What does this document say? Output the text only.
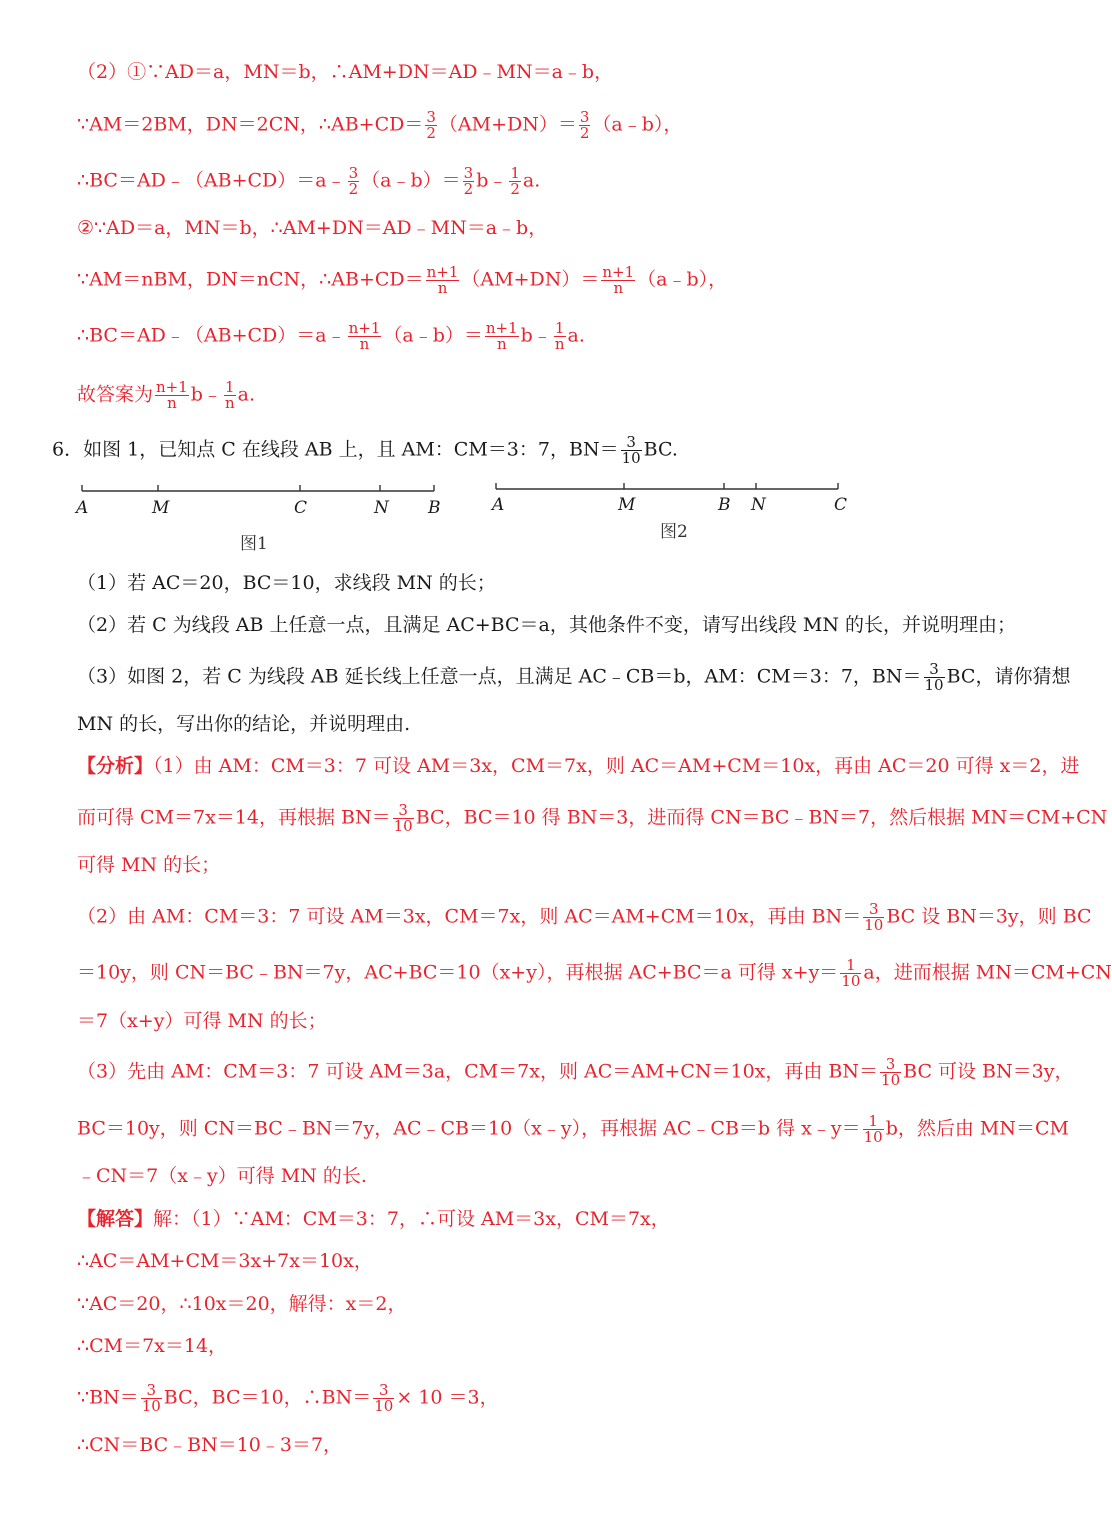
（2）①∵AD＝a，MN＝b，∴AM+DN＝AD﹣MN＝a﹣b，
∵AM＝2BM，DN＝2CN，∴AB+CD＝ $\frac{3}{2} (AM+DN)= \frac{3}{2}$ （a﹣b），
∴BC＝AD﹣（AB+CD）＝a﹣ $\frac{3}{2}$ （a﹣b）＝ $\frac{3}{2}$ b﹣ $\frac{1}{2} a$.
②∵AD＝a，MN＝b，∴AM+DN＝AD﹣MN＝a﹣b，
∵AM＝nBM，DN＝nCN，∴AB+CD＝ $\frac{n+1}{n} (AM+DN)= \frac{n+1}{n}$ （a﹣b），
∴BC＝AD﹣（AB+CD）＝a﹣ $\frac{n+1}{n}$ （a﹣b）＝ $\frac{n+1}{n}$ b﹣ $\frac{1}{n} a$.
故答案为 $\frac{n+1}{n}$ b﹣ $\frac{1}{n} a$.
6．如图 1，已知点 C 在线段 AB 上，且 AM：CM＝3：7，$BN= \frac{3}{10}$ BC.
A	M	C	N B
图1
A	M	B N	C
图2
（1）若 AC＝20，BC＝10，求线段 MN 的长；
（2）若 C 为线段 AB 上任意一点，且满足 AC+BC＝a，其他条件不变，请写出线段 MN 的长，并说明理由；
（3）如图 2，若 C 为线段 AB 延长线上任意一点，且满足 AC﹣CB＝b，AM：CM＝3：7，$BN= \frac{3}{10}$ BC，请你猜想
MN 的长，写出你的结论，并说明理由.
【分析】（1）由 AM：CM＝3：7 可设 AM＝3x，CM＝7x，则 AC＝AM+CM＝10x，再由 AC＝20 可得 x＝2，进
而可得 CM＝7x＝14，再根据 $BN= \frac{3}{10}$ BC，BC＝10 得 BN＝3，进而得 CN＝BC﹣BN＝7，然后根据 MN＝CM+CN
可得 MN 的长；
（2）由 AM：CM＝3：7 可设 AM＝3x，CM＝7x，则 AC＝AM+CM＝10x，再由 $BN= \frac{3}{10}$ BC 设 BN＝3y，则 BC
＝10y，则 CN＝BC﹣BN＝7y，AC+BC＝10（x+y），再根据 AC+BC＝a 可得 $x+y= \frac{1}{10}$ a，进而根据 MN＝CM+CN
＝7（x+y）可得 MN 的长；
（3）先由 AM：CM＝3：7 可设 AM＝3a，CM＝7x，则 AC＝AM+CN＝10x，再由 $BN= \frac{3}{10}$ BC 可设 BN＝3y，
BC＝10y，则 CN＝BC﹣BN＝7y，AC﹣CB＝10（x﹣y），再根据 AC﹣CB＝b 得 x﹣y＝ $\frac{1}{10}$ b，然后由 MN＝CM
﹣CN＝7（x﹣y）可得 MN 的长.
【解答】解：（1）∵AM：CM＝3：7，∴可设 AM＝3x，CM＝7x，
∴AC＝AM+CM＝3x+7x＝10x，
∵AC＝20，∴10x＝20，解得：x＝2，
∴CM＝7x＝14，
∵BN＝ $\frac{3}{10}$ BC，BC＝10，∴BN＝ $\frac{3}{10} \times 10 =3$，
∴CN＝BC﹣BN＝10﹣3＝7，
